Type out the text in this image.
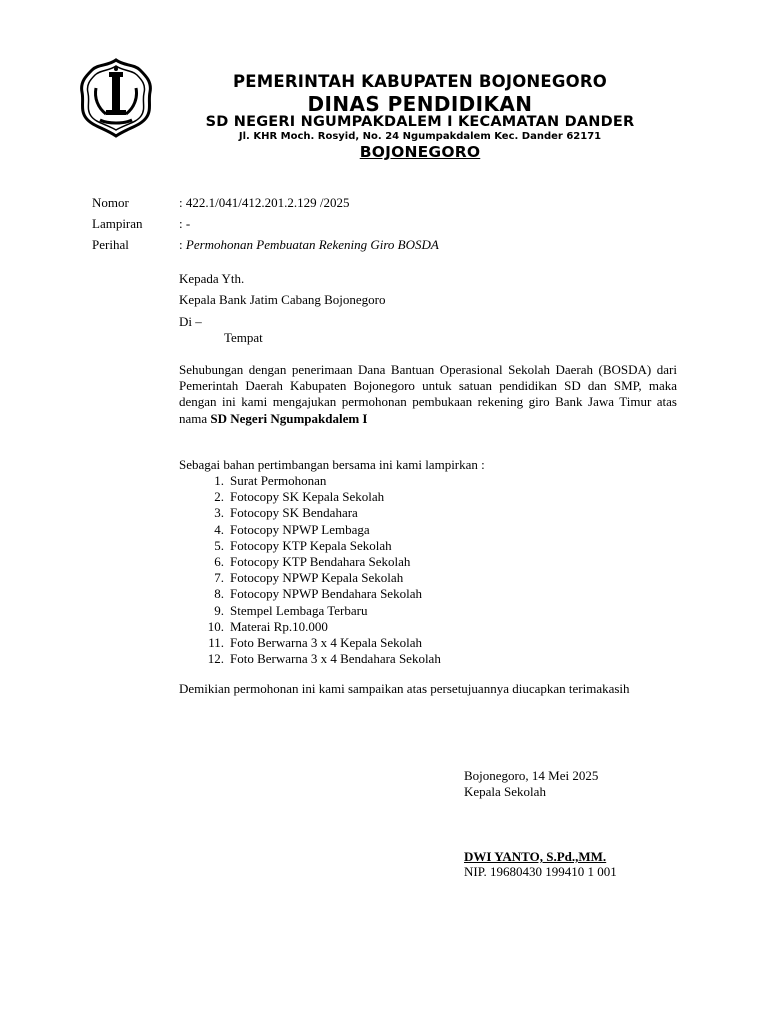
PEMERINTAH KABUPATEN BOJONEGORO
DINAS PENDIDIKAN
SD NEGERI NGUMPAKDALEM I KECAMATAN DANDER
Jl. KHR Moch. Rosyid, No. 24 Ngumpakdalem Kec. Dander 62171
BOJONEGORO
Nomor	: 422.1/041/412.201.2.129 /2025
Lampiran	: -
Perihal	: Permohonan Pembuatan Rekening Giro BOSDA
Kepada Yth.
Kepala Bank Jatim Cabang Bojonegoro
Di –
Tempat
Sehubungan dengan penerimaan Dana Bantuan Operasional Sekolah Daerah (BOSDA) dari Pemerintah Daerah Kabupaten Bojonegoro untuk satuan pendidikan SD dan SMP, maka dengan ini kami mengajukan permohonan pembukaan rekening giro Bank Jawa Timur atas nama SD Negeri Ngumpakdalem I
Sebagai bahan pertimbangan bersama ini kami lampirkan :
1. Surat Permohonan
2. Fotocopy SK Kepala Sekolah
3. Fotocopy SK Bendahara
4. Fotocopy NPWP Lembaga
5. Fotocopy KTP Kepala Sekolah
6. Fotocopy KTP Bendahara Sekolah
7. Fotocopy NPWP Kepala Sekolah
8. Fotocopy NPWP Bendahara Sekolah
9. Stempel Lembaga Terbaru
10. Materai Rp.10.000
11. Foto Berwarna 3 x 4 Kepala Sekolah
12. Foto Berwarna 3 x 4 Bendahara Sekolah
Demikian permohonan ini kami sampaikan atas persetujuannya diucapkan terimakasih
Bojonegoro, 14 Mei 2025
Kepala Sekolah
DWI YANTO, S.Pd.,MM.
NIP. 19680430 199410 1 001
